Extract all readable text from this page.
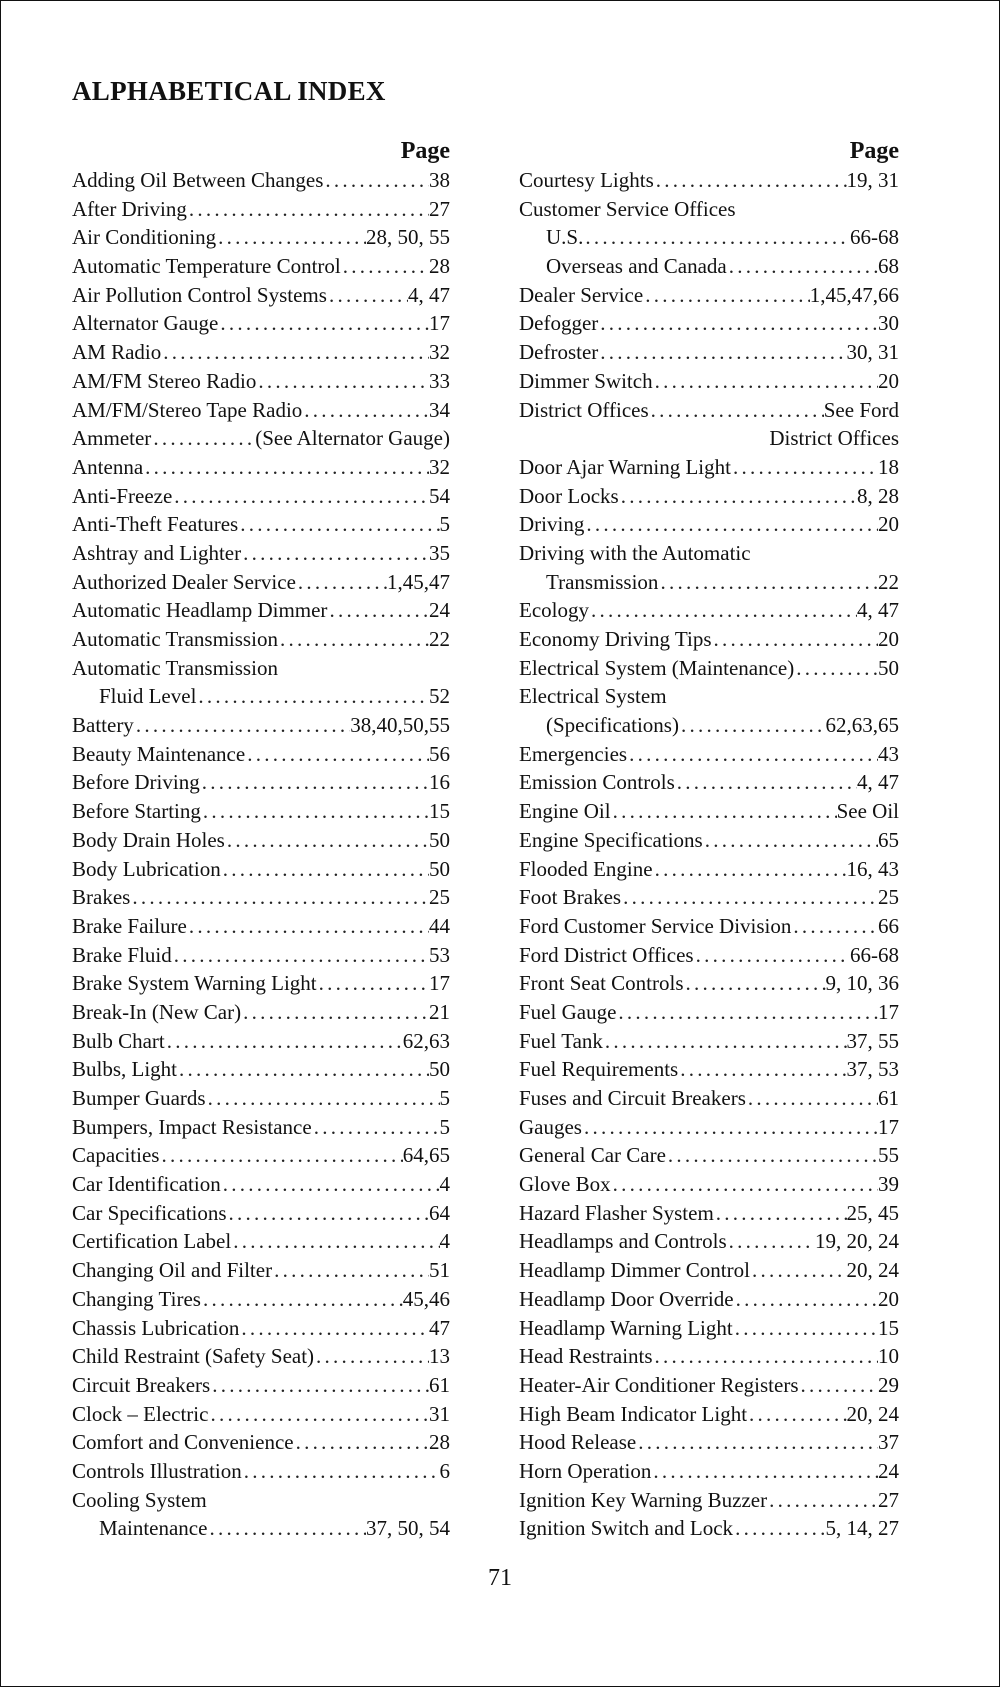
ALPHABETICAL INDEX
Page
Adding Oil Between Changes . . .	38
After Driving . . .	27
Air Conditioning . . .	28, 50, 55
Automatic Temperature Control . . .	28
Air Pollution Control Systems . . .	4, 47
Alternator Gauge . . .	17
AM Radio . . .	32
AM/FM Stereo Radio . . .	33
AM/FM/Stereo Tape Radio . . .	34
Ammeter . . .	(See Alternator Gauge)
Antenna . . .	32
Anti-Freeze . . .	54
Anti-Theft Features . . .	5
Ashtray and Lighter . . .	35
Authorized Dealer Service . . .	1,45,47
Automatic Headlamp Dimmer . . .	24
Automatic Transmission . . .	22
Automatic Transmission
Fluid Level . . .	52
Battery . . .	38,40,50,55
Beauty Maintenance . . .	56
Before Driving . . .	16
Before Starting . . .	15
Body Drain Holes . . .	50
Body Lubrication . . .	50
Brakes . . .	25
Brake Failure . . .	44
Brake Fluid . . .	53
Brake System Warning Light . . .	17
Break-In (New Car) . . .	21
Bulb Chart . . .	62,63
Bulbs, Light . . .	50
Bumper Guards . . .	5
Bumpers, Impact Resistance . . .	5
Capacities . . .	64,65
Car Identification . . .	4
Car Specifications . . .	64
Certification Label . . .	4
Changing Oil and Filter . . .	51
Changing Tires . . .	45,46
Chassis Lubrication . . .	47
Child Restraint (Safety Seat) . . .	13
Circuit Breakers . . .	61
Clock – Electric . . .	31
Comfort and Convenience . . .	28
Controls Illustration . . .	6
Cooling System
Maintenance . . .	37, 50, 54
Page
Courtesy Lights . . .	19, 31
Customer Service Offices
U.S. . . .	66-68
Overseas and Canada . . .	68
Dealer Service . . .	1,45,47,66
Defogger . . .	30
Defroster . . .	30, 31
Dimmer Switch . . .	20
District Offices . . .	See Ford
District Offices
Door Ajar Warning Light . . .	18
Door Locks . . .	8, 28
Driving . . .	20
Driving with the Automatic
Transmission . . .	22
Ecology . . .	4, 47
Economy Driving Tips . . .	20
Electrical System (Maintenance) . . .	50
Electrical System
(Specifications) . . .	62,63,65
Emergencies . . .	43
Emission Controls . . .	4, 47
Engine Oil . . .	See Oil
Engine Specifications . . .	65
Flooded Engine . . .	16, 43
Foot Brakes . . .	25
Ford Customer Service Division . . .	66
Ford District Offices . . .	66-68
Front Seat Controls . . .	9, 10, 36
Fuel Gauge . . .	17
Fuel Tank . . .	37, 55
Fuel Requirements . . .	37, 53
Fuses and Circuit Breakers . . .	61
Gauges . . .	17
General Car Care . . .	55
Glove Box . . .	39
Hazard Flasher System . . .	25, 45
Headlamps and Controls . . .	19, 20, 24
Headlamp Dimmer Control . . .	20, 24
Headlamp Door Override . . .	20
Headlamp Warning Light . . .	15
Head Restraints . . .	10
Heater-Air Conditioner Registers . . .	29
High Beam Indicator Light . . .	20, 24
Hood Release . . .	37
Horn Operation . . .	24
Ignition Key Warning Buzzer . . .	27
Ignition Switch and Lock . . .	5, 14, 27
71
